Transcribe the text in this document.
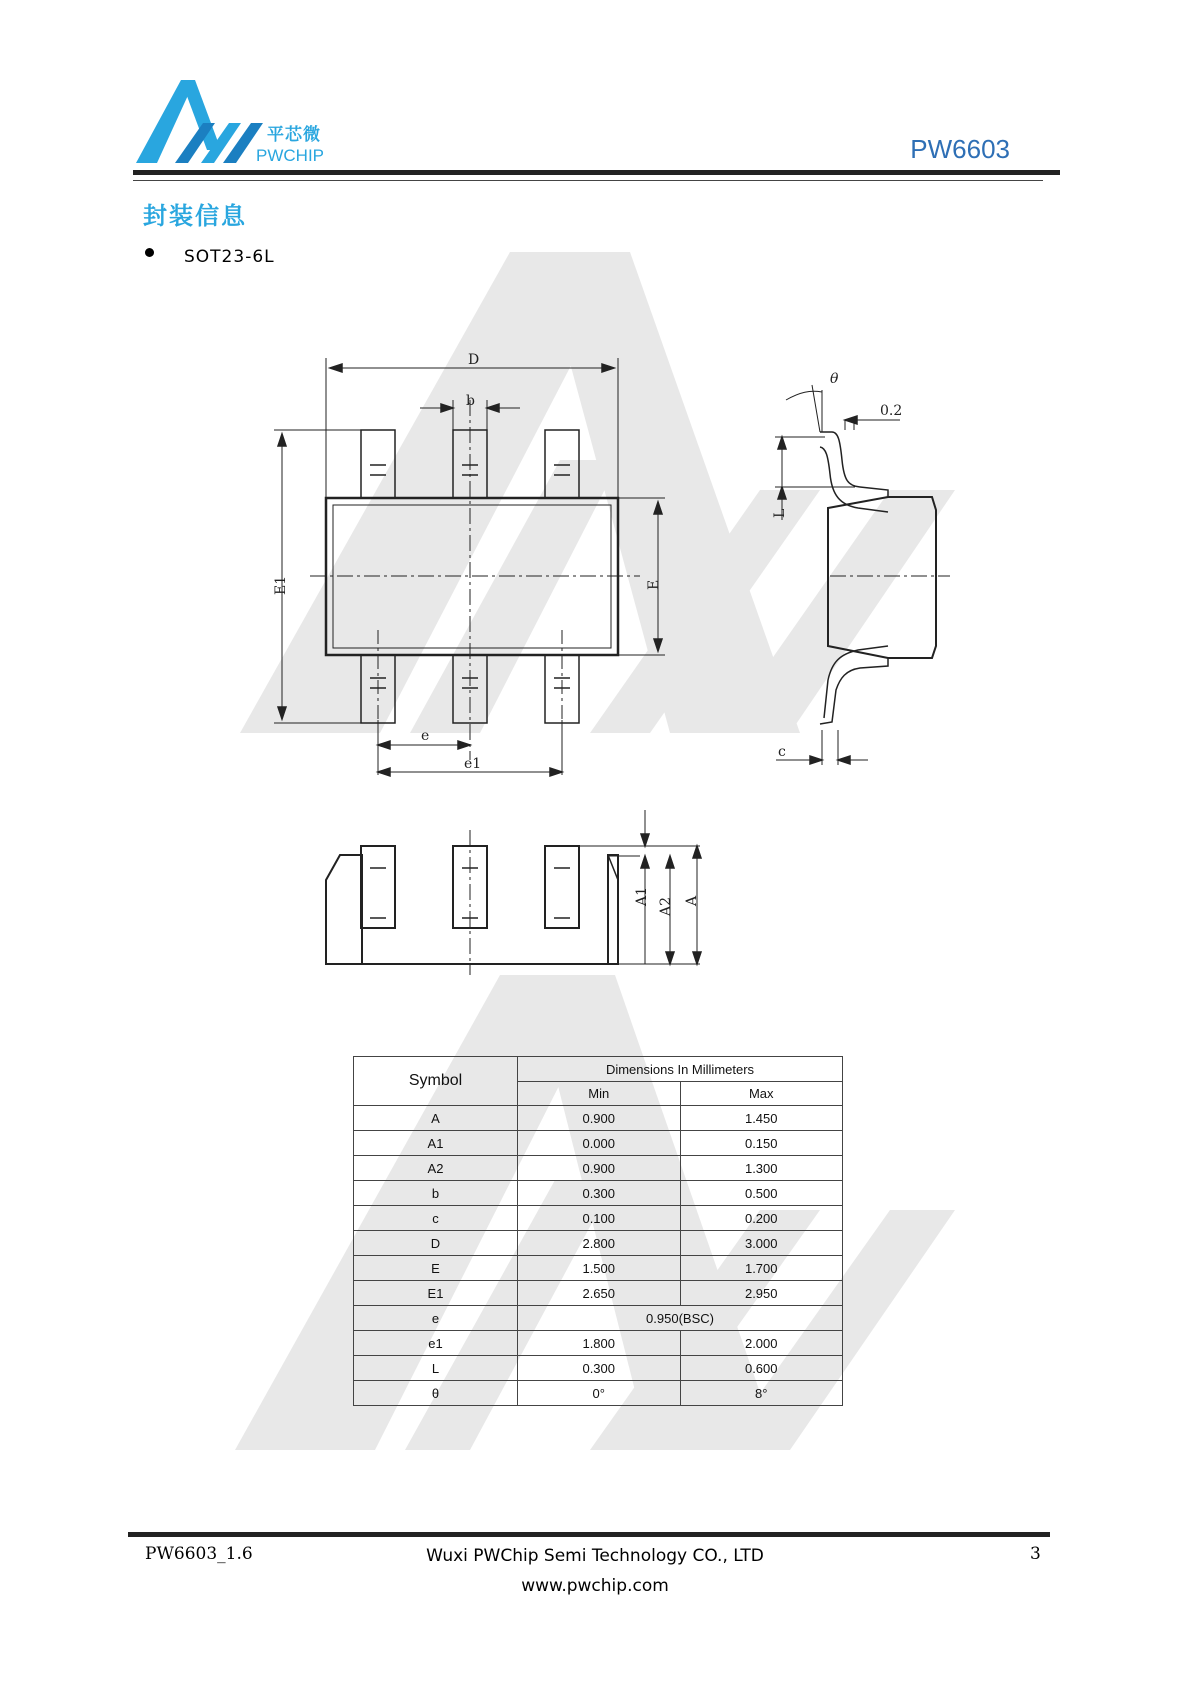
平芯微
PWCHIP	PW6603
封装信息
SOT23-6L
D
b
E1	E
e
e1
θ
0.2
L
c
A1
A2 A
Symbol	Dimensions In Millimeters	
	Min	Max
A	0.900	1.450
A1	0.000	0.150
A2	0.900	1.300
b	0.300	0.500
c	0.100	0.200
D	2.800	3.000
E	1.500	1.700
E1	2.650	2.950
e	0.950(BSC)	
e1	1.800	2.000
L	0.300	0.600
θ	0°	8°
PW6603_1.6	Wuxi PWChip Semi Technology CO., LTD
www.pwchip.com
3
